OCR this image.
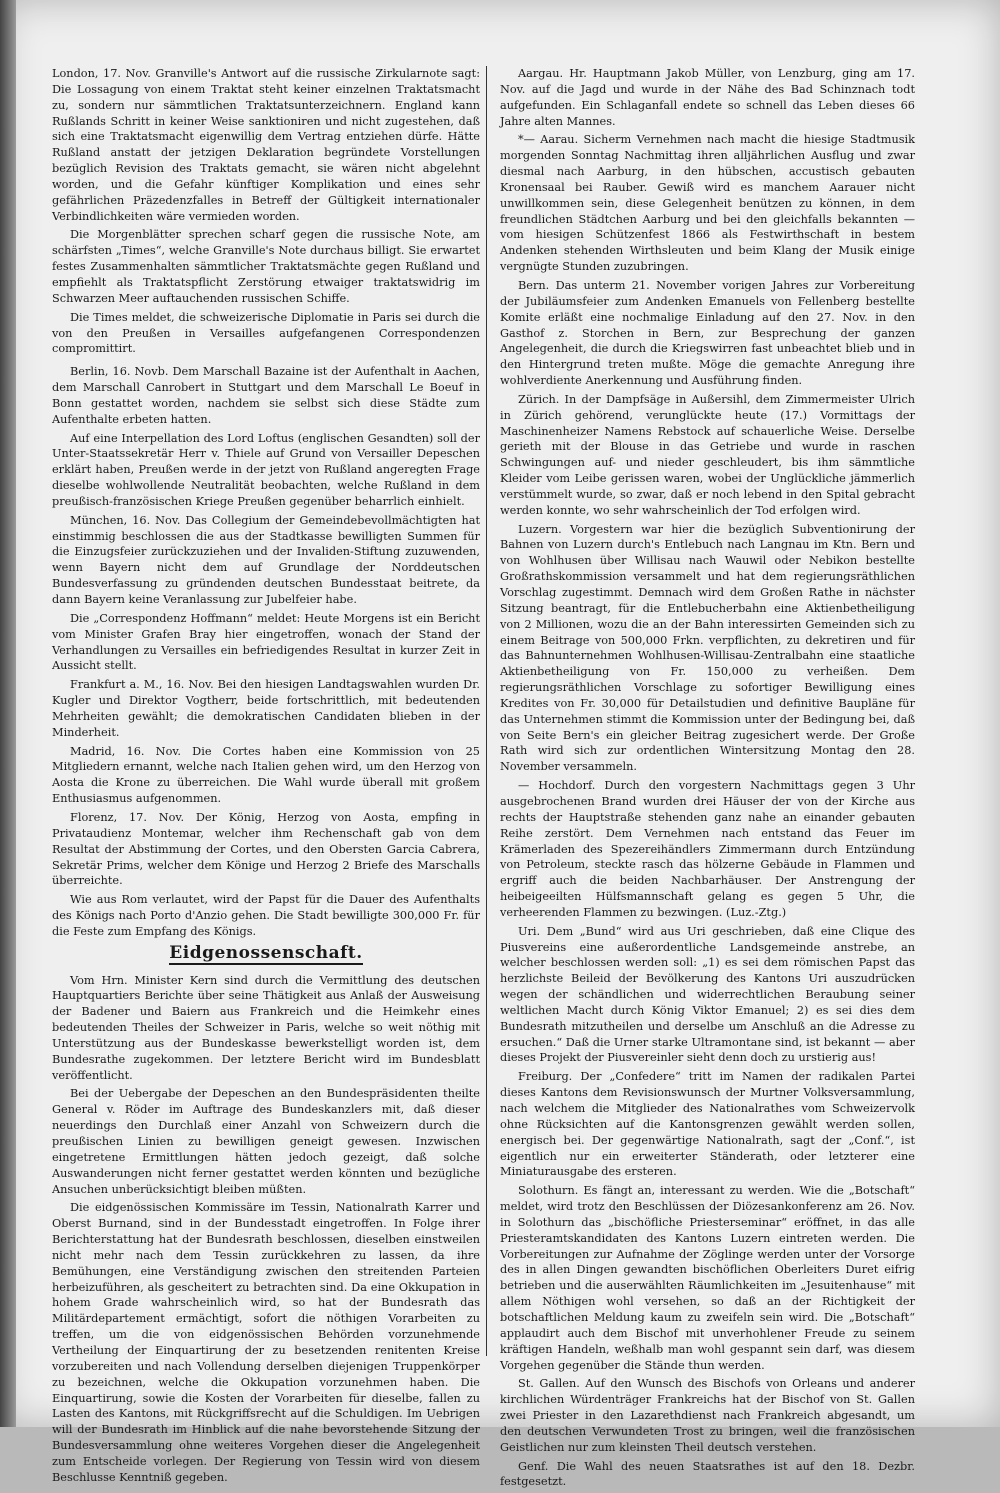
London, 17. Nov. Granville's Antwort auf die russische Zirkularnote sagt: Die Lossagung von einem Traktat steht keiner einzelnen Traktatsmacht zu, sondern nur sämmtlichen Traktatsunterzeichnern. England kann Rußlands Schritt in keiner Weise sanktioniren und nicht zugestehen, daß sich eine Traktatsmacht eigenwillig dem Vertrag entziehen dürfe. Hätte Rußland anstatt der jetzigen Deklaration begründete Vorstellungen bezüglich Revision des Traktats gemacht, sie wären nicht abgelehnt worden, und die Gefahr künftiger Komplikation und eines sehr gefährlichen Präzedenzfalles in Betreff der Gültigkeit internationaler Verbindlichkeiten wäre vermieden worden.

Die Morgenblätter sprechen scharf gegen die russische Note, am schärfsten „Times“, welche Granville's Note durchaus billigt. Sie erwartet festes Zusammenhalten sämmtlicher Traktatsmächte gegen Rußland und empfiehlt als Traktatspflicht Zerstörung etwaiger traktatswidrig im Schwarzen Meer auftauchenden russischen Schiffe.

Die Times meldet, die schweizerische Diplomatie in Paris sei durch die von den Preußen in Versailles aufgefangenen Correspondenzen compromittirt.

Berlin, 16. Novb. Dem Marschall Bazaine ist der Aufenthalt in Aachen, dem Marschall Canrobert in Stuttgart und dem Marschall Le Boeuf in Bonn gestattet worden, nachdem sie selbst sich diese Städte zum Aufenthalte erbeten hatten.

Auf eine Interpellation des Lord Loftus (englischen Gesandten) soll der Unter-Staatssekretär Herr v. Thiele auf Grund von Versailler Depeschen erklärt haben, Preußen werde in der jetzt von Rußland angeregten Frage dieselbe wohlwollende Neutralität beobachten, welche Rußland in dem preußisch-französischen Kriege Preußen gegenüber beharrlich einhielt.

München, 16. Nov. Das Collegium der Gemeindebevollmächtigten hat einstimmig beschlossen die aus der Stadtkasse bewilligten Summen für die Einzugsfeier zurückzuziehen und der Invaliden-Stiftung zuzuwenden, wenn Bayern nicht dem auf Grundlage der Norddeutschen Bundesverfassung zu gründenden deutschen Bundesstaat beitrete, da dann Bayern keine Veranlassung zur Jubelfeier habe.

Die „Correspondenz Hoffmann“ meldet: Heute Morgens ist ein Bericht vom Minister Grafen Bray hier eingetroffen, wonach der Stand der Verhandlungen zu Versailles ein befriedigendes Resultat in kurzer Zeit in Aussicht stellt.

Frankfurt a. M., 16. Nov. Bei den hiesigen Landtagswahlen wurden Dr. Kugler und Direktor Vogtherr, beide fortschrittlich, mit bedeutenden Mehrheiten gewählt; die demokratischen Candidaten blieben in der Minderheit.

Madrid, 16. Nov. Die Cortes haben eine Kommission von 25 Mitgliedern ernannt, welche nach Italien gehen wird, um den Herzog von Aosta die Krone zu überreichen. Die Wahl wurde überall mit großem Enthusiasmus aufgenommen.

Florenz, 17. Nov. Der König, Herzog von Aosta, empfing in Privataudienz Montemar, welcher ihm Rechenschaft gab von dem Resultat der Abstimmung der Cortes, und den Obersten Garcia Cabrera, Sekretär Prims, welcher dem Könige und Herzog 2 Briefe des Marschalls überreichte.

Wie aus Rom verlautet, wird der Papst für die Dauer des Aufenthalts des Königs nach Porto d'Anzio gehen. Die Stadt bewilligte 300,000 Fr. für die Feste zum Empfang des Königs.

Eidgenossenschaft.

Vom Hrn. Minister Kern sind durch die Vermittlung des deutschen Hauptquartiers Berichte über seine Thätigkeit aus Anlaß der Ausweisung der Badener und Baiern aus Frankreich und die Heimkehr eines bedeutenden Theiles der Schweizer in Paris, welche so weit nöthig mit Unterstützung aus der Bundeskasse bewerkstelligt worden ist, dem Bundesrathe zugekommen. Der letztere Bericht wird im Bundesblatt veröffentlicht.

Bei der Uebergabe der Depeschen an den Bundespräsidenten theilte General v. Röder im Auftrage des Bundeskanzlers mit, daß dieser neuerdings den Durchlaß einer Anzahl von Schweizern durch die preußischen Linien zu bewilligen geneigt gewesen. Inzwischen eingetretene Ermittlungen hätten jedoch gezeigt, daß solche Auswanderungen nicht ferner gestattet werden könnten und bezügliche Ansuchen unberücksichtigt bleiben müßten.

Die eidgenössischen Kommissäre im Tessin, Nationalrath Karrer und Oberst Burnand, sind in der Bundesstadt eingetroffen. In Folge ihrer Berichterstattung hat der Bundesrath beschlossen, dieselben einstweilen nicht mehr nach dem Tessin zurückkehren zu lassen, da ihre Bemühungen, eine Verständigung zwischen den streitenden Parteien herbeizuführen, als gescheitert zu betrachten sind. Da eine Okkupation in hohem Grade wahrscheinlich wird, so hat der Bundesrath das Militärdepartement ermächtigt, sofort die nöthigen Vorarbeiten zu treffen, um die von eidgenössischen Behörden vorzunehmende Vertheilung der Einquartirung der zu besetzenden renitenten Kreise vorzubereiten und nach Vollendung derselben diejenigen Truppenkörper zu bezeichnen, welche die Okkupation vorzunehmen haben. Die Einquartirung, sowie die Kosten der Vorarbeiten für dieselbe, fallen zu Lasten des Kantons, mit Rückgriffsrecht auf die Schuldigen. Im Uebrigen will der Bundesrath im Hinblick auf die nahe bevorstehende Sitzung der Bundesversammlung ohne weiteres Vorgehen dieser die Angelegenheit zum Entscheide vorlegen. Der Regierung von Tessin wird von diesem Beschlusse Kenntniß gegeben.

Aargau. Hr. Hauptmann Jakob Müller, von Lenzburg, ging am 17. Nov. auf die Jagd und wurde in der Nähe des Bad Schinznach todt aufgefunden. Ein Schlaganfall endete so schnell das Leben dieses 66 Jahre alten Mannes.

*— Aarau. Sicherm Vernehmen nach macht die hiesige Stadtmusik morgenden Sonntag Nachmittag ihren alljährlichen Ausflug und zwar diesmal nach Aarburg, in den hübschen, accustisch gebauten Kronensaal bei Rauber. Gewiß wird es manchem Aarauer nicht unwillkommen sein, diese Gelegenheit benützen zu können, in dem freundlichen Städtchen Aarburg und bei den gleichfalls bekannten — vom hiesigen Schützenfest 1866 als Festwirthschaft in bestem Andenken stehenden Wirthsleuten und beim Klang der Musik einige vergnügte Stunden zuzubringen.

Bern. Das unterm 21. November vorigen Jahres zur Vorbereitung der Jubiläumsfeier zum Andenken Emanuels von Fellenberg bestellte Komite erläßt eine nochmalige Einladung auf den 27. Nov. in den Gasthof z. Storchen in Bern, zur Besprechung der ganzen Angelegenheit, die durch die Kriegswirren fast unbeachtet blieb und in den Hintergrund treten mußte. Möge die gemachte Anregung ihre wohlverdiente Anerkennung und Ausführung finden.

Zürich. In der Dampfsäge in Außersihl, dem Zimmermeister Ulrich in Zürich gehörend, verunglückte heute (17.) Vormittags der Maschinenheizer Namens Rebstock auf schauerliche Weise. Derselbe gerieth mit der Blouse in das Getriebe und wurde in raschen Schwingungen auf- und nieder geschleudert, bis ihm sämmtliche Kleider vom Leibe gerissen waren, wobei der Unglückliche jämmerlich verstümmelt wurde, so zwar, daß er noch lebend in den Spital gebracht werden konnte, wo sehr wahrscheinlich der Tod erfolgen wird.

Luzern. Vorgestern war hier die bezüglich Subventionirung der Bahnen von Luzern durch's Entlebuch nach Langnau im Ktn. Bern und von Wohlhusen über Willisau nach Wauwil oder Nebikon bestellte Großrathskommission versammelt und hat dem regierungsräthlichen Vorschlag zugestimmt. Demnach wird dem Großen Rathe in nächster Sitzung beantragt, für die Entlebucherbahn eine Aktienbetheiligung von 2 Millionen, wozu die an der Bahn interessirten Gemeinden sich zu einem Beitrage von 500,000 Frkn. verpflichten, zu dekretiren und für das Bahnunternehmen Wohlhusen-Willisau-Zentralbahn eine staatliche Aktienbetheiligung von Fr. 150,000 zu verheißen. Dem regierungsräthlichen Vorschlage zu sofortiger Bewilligung eines Kredites von Fr. 30,000 für Detailstudien und definitive Baupläne für das Unternehmen stimmt die Kommission unter der Bedingung bei, daß von Seite Bern's ein gleicher Beitrag zugesichert werde. Der Große Rath wird sich zur ordentlichen Wintersitzung Montag den 28. November versammeln.

— Hochdorf. Durch den vorgestern Nachmittags gegen 3 Uhr ausgebrochenen Brand wurden drei Häuser der von der Kirche aus rechts der Hauptstraße stehenden ganz nahe an einander gebauten Reihe zerstört. Dem Vernehmen nach entstand das Feuer im Krämerladen des Spezereihändlers Zimmermann durch Entzündung von Petroleum, steckte rasch das hölzerne Gebäude in Flammen und ergriff auch die beiden Nachbarhäuser. Der Anstrengung der heibeigeeilten Hülfsmannschaft gelang es gegen 5 Uhr, die verheerenden Flammen zu bezwingen. (Luz.-Ztg.)

Uri. Dem „Bund“ wird aus Uri geschrieben, daß eine Clique des Piusvereins eine außerordentliche Landsgemeinde anstrebe, an welcher beschlossen werden soll: „1) es sei dem römischen Papst das herzlichste Beileid der Bevölkerung des Kantons Uri auszudrücken wegen der schändlichen und widerrechtlichen Beraubung seiner weltlichen Macht durch König Viktor Emanuel; 2) es sei dies dem Bundesrath mitzutheilen und derselbe um Anschluß an die Adresse zu ersuchen.“ Daß die Urner starke Ultramontane sind, ist bekannt — aber dieses Projekt der Piusvereinler sieht denn doch zu urstierig aus!

Freiburg. Der „Confedere“ tritt im Namen der radikalen Partei dieses Kantons dem Revisionswunsch der Murtner Volksversammlung, nach welchem die Mitglieder des Nationalrathes vom Schweizervolk ohne Rücksichten auf die Kantonsgrenzen gewählt werden sollen, energisch bei. Der gegenwärtige Nationalrath, sagt der „Conf.“, ist eigentlich nur ein erweiterter Ständerath, oder letzterer eine Miniaturausgabe des ersteren.

Solothurn. Es fängt an, interessant zu werden. Wie die „Botschaft“ meldet, wird trotz den Beschlüssen der Diözesankonferenz am 26. Nov. in Solothurn das „bischöfliche Priesterseminar“ eröffnet, in das alle Priesteramtskandidaten des Kantons Luzern eintreten werden. Die Vorbereitungen zur Aufnahme der Zöglinge werden unter der Vorsorge des in allen Dingen gewandten bischöflichen Oberleiters Duret eifrig betrieben und die auserwählten Räumlichkeiten im „Jesuitenhause“ mit allem Nöthigen wohl versehen, so daß an der Richtigkeit der botschaftlichen Meldung kaum zu zweifeln sein wird. Die „Botschaft“ applaudirt auch dem Bischof mit unverhohlener Freude zu seinem kräftigen Handeln, weßhalb man wohl gespannt sein darf, was diesem Vorgehen gegenüber die Stände thun werden.

St. Gallen. Auf den Wunsch des Bischofs von Orleans und anderer kirchlichen Würdenträger Frankreichs hat der Bischof von St. Gallen zwei Priester in den Lazarethdienst nach Frankreich abgesandt, um den deutschen Verwundeten Trost zu bringen, weil die französischen Geistlichen nur zum kleinsten Theil deutsch verstehen.

Genf. Die Wahl des neuen Staatsrathes ist auf den 18. Dezbr. festgesetzt.
